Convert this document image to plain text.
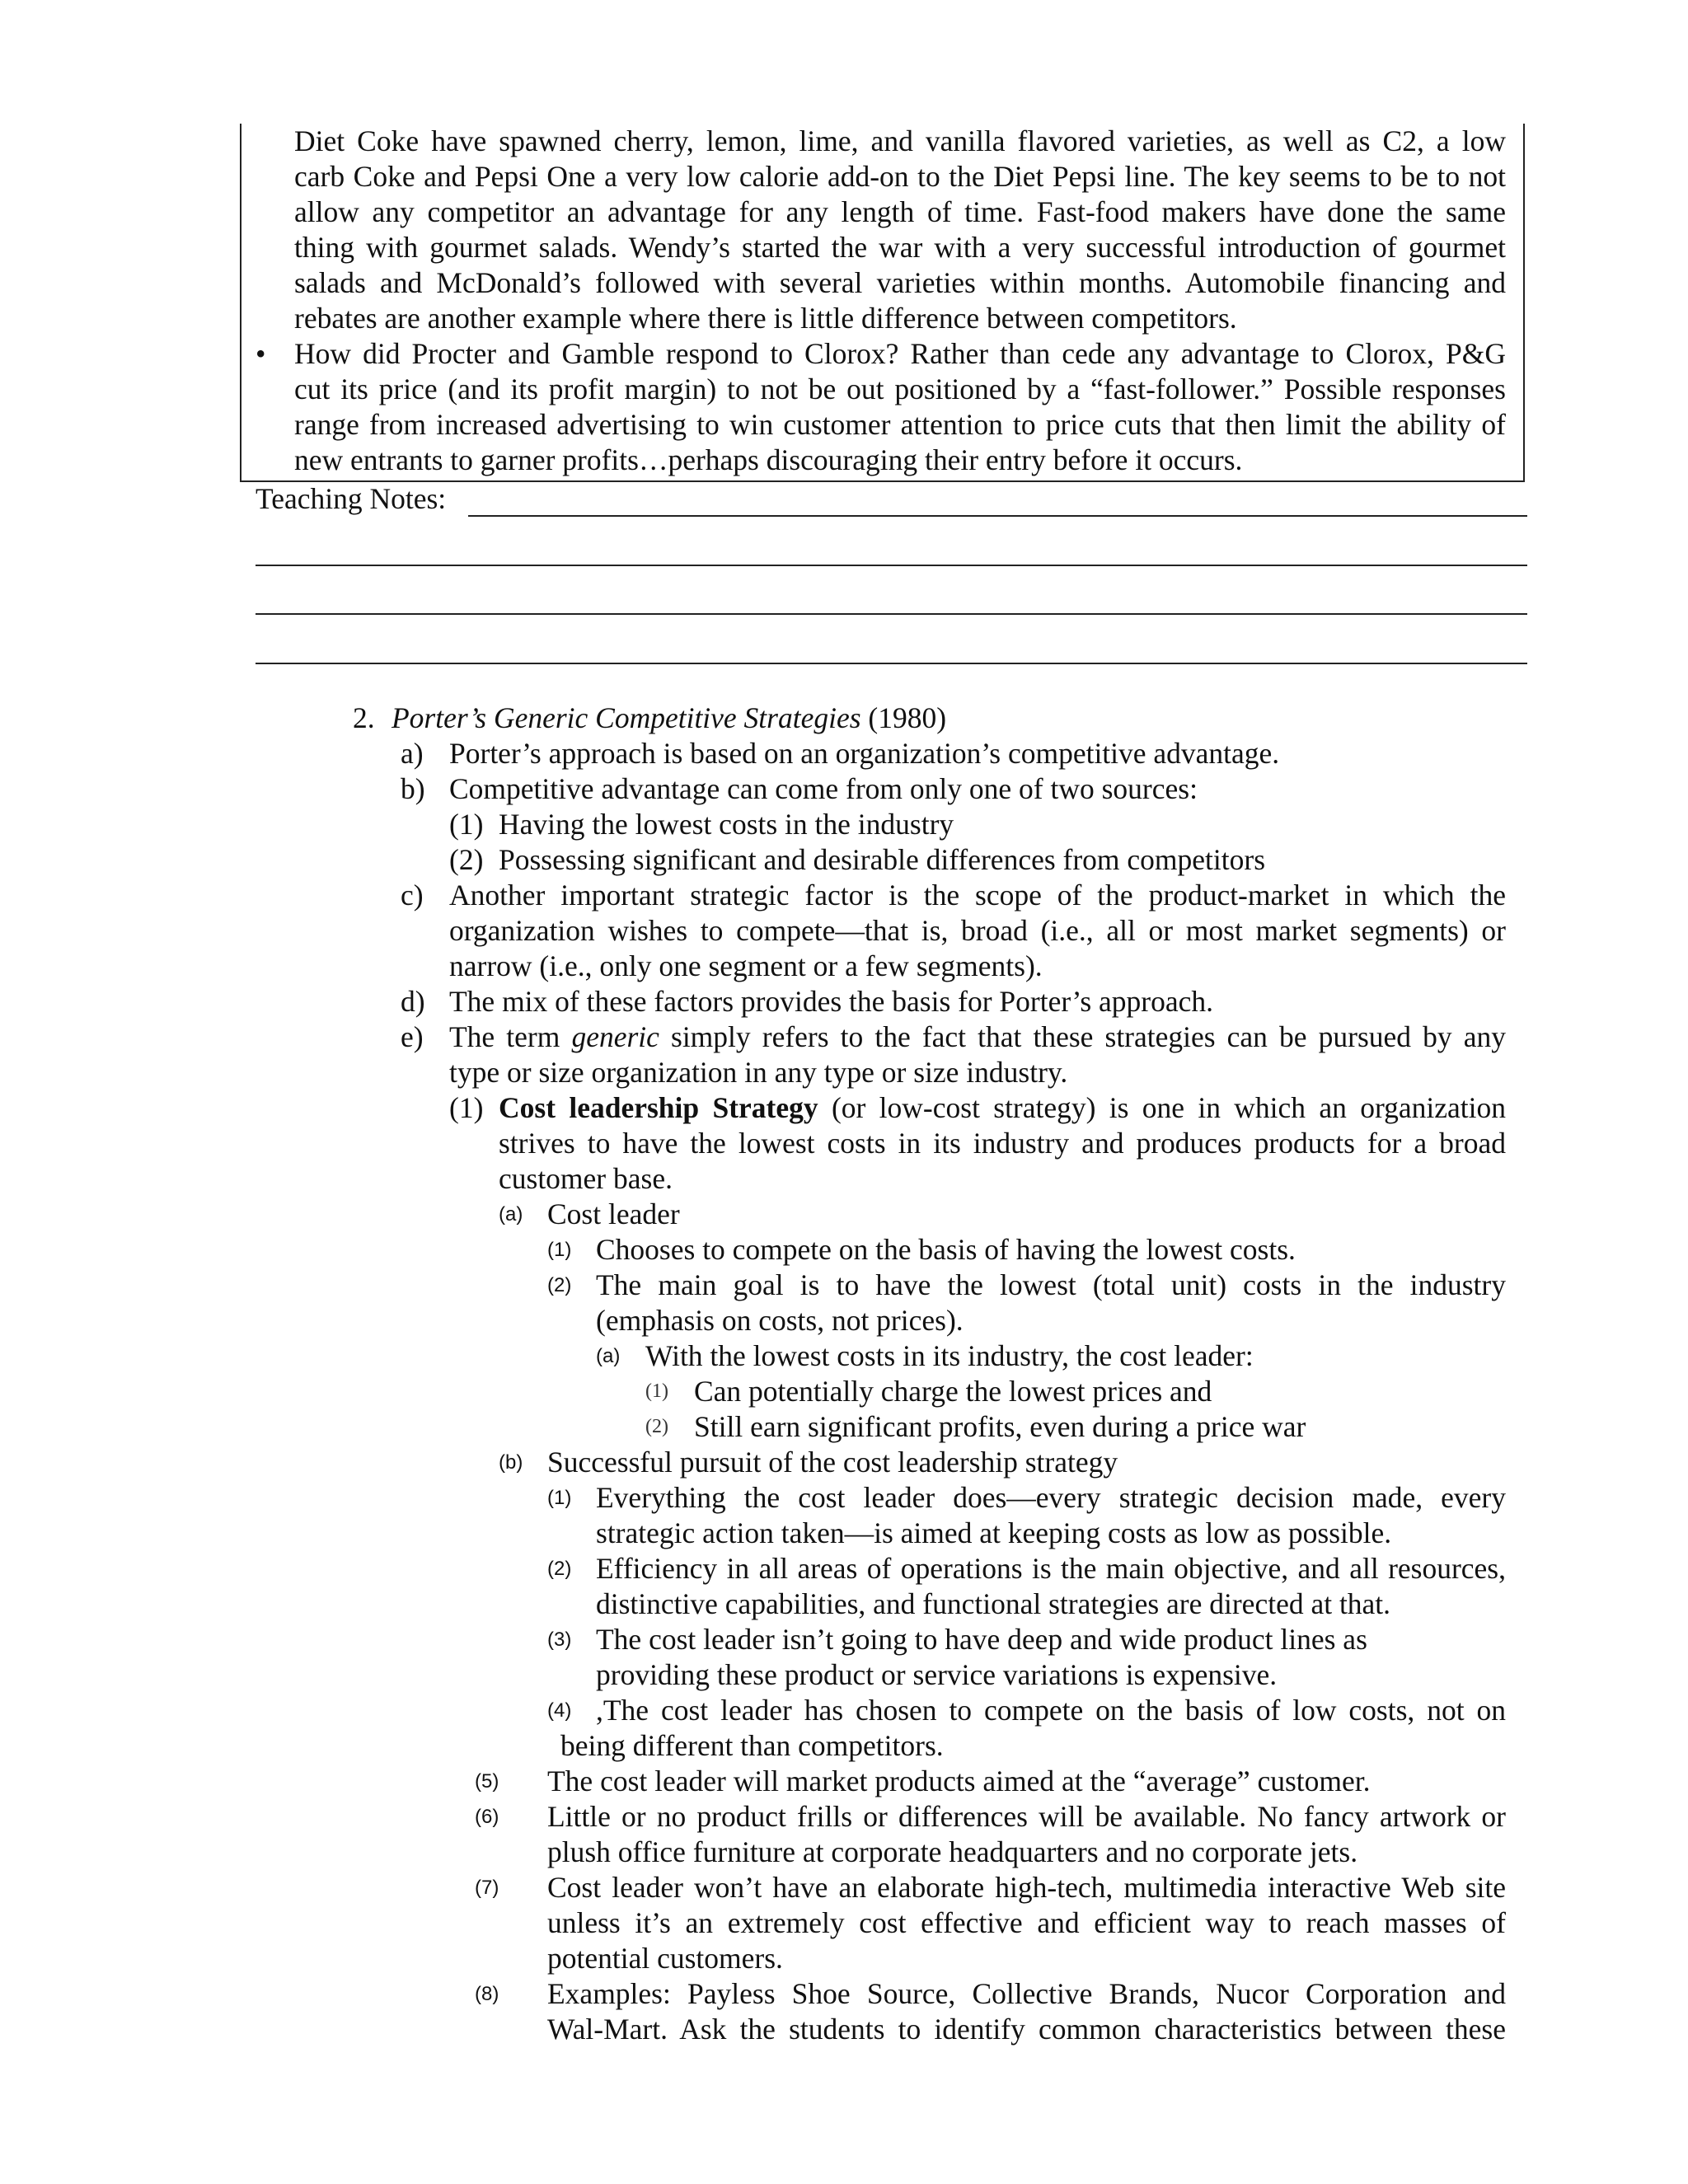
Diet Coke have spawned cherry, lemon, lime, and vanilla flavored varieties, as well as C2, a low
carb Coke and Pepsi One a very low calorie add-on to the Diet Pepsi line. The key seems to be to not
allow any competitor an advantage for any length of time. Fast-food makers have done the same
thing with gourmet salads. Wendy’s started the war with a very successful introduction of gourmet
salads and McDonald’s followed with several varieties within months. Automobile financing and
rebates are another example where there is little difference between competitors.
• How did Procter and Gamble respond to Clorox? Rather than cede any advantage to Clorox, P&G
cut its price (and its profit margin) to not be out positioned by a “fast-follower.” Possible responses
range from increased advertising to win customer attention to price cuts that then limit the ability of
new entrants to garner profits…perhaps discouraging their entry before it occurs.
Teaching Notes:
2. Porter’s Generic Competitive Strategies (1980)
a) Porter’s approach is based on an organization’s competitive advantage.
b) Competitive advantage can come from only one of two sources:
(1) Having the lowest costs in the industry
(2) Possessing significant and desirable differences from competitors
c) Another important strategic factor is the scope of the product-market in which the
organization wishes to compete—that is, broad (i.e., all or most market segments) or
narrow (i.e., only one segment or a few segments).
d) The mix of these factors provides the basis for Porter’s approach.
e) The term generic simply refers to the fact that these strategies can be pursued by any
type or size organization in any type or size industry.
(1) Cost leadership Strategy (or low-cost strategy) is one in which an organization
strives to have the lowest costs in its industry and produces products for a broad
customer base.
(a) Cost leader
(1) Chooses to compete on the basis of having the lowest costs.
(2) The main goal is to have the lowest (total unit) costs in the industry
(emphasis on costs, not prices).
(a) With the lowest costs in its industry, the cost leader:
(1) Can potentially charge the lowest prices and
(2) Still earn significant profits, even during a price war
(b) Successful pursuit of the cost leadership strategy
(1) Everything the cost leader does—every strategic decision made, every
strategic action taken—is aimed at keeping costs as low as possible.
(2) Efficiency in all areas of operations is the main objective, and all resources,
distinctive capabilities, and functional strategies are directed at that.
(3) The cost leader isn’t going to have deep and wide product lines as
providing these product or service variations is expensive.
(4) ,The cost leader has chosen to compete on the basis of low costs, not on
being different than competitors.
(5) The cost leader will market products aimed at the “average” customer.
(6) Little or no product frills or differences will be available. No fancy artwork or
plush office furniture at corporate headquarters and no corporate jets.
(7) Cost leader won’t have an elaborate high-tech, multimedia interactive Web site
unless it’s an extremely cost effective and efficient way to reach masses of
potential customers.
(8) Examples: Payless Shoe Source, Collective Brands, Nucor Corporation and
Wal-Mart. Ask the students to identify common characteristics between these
